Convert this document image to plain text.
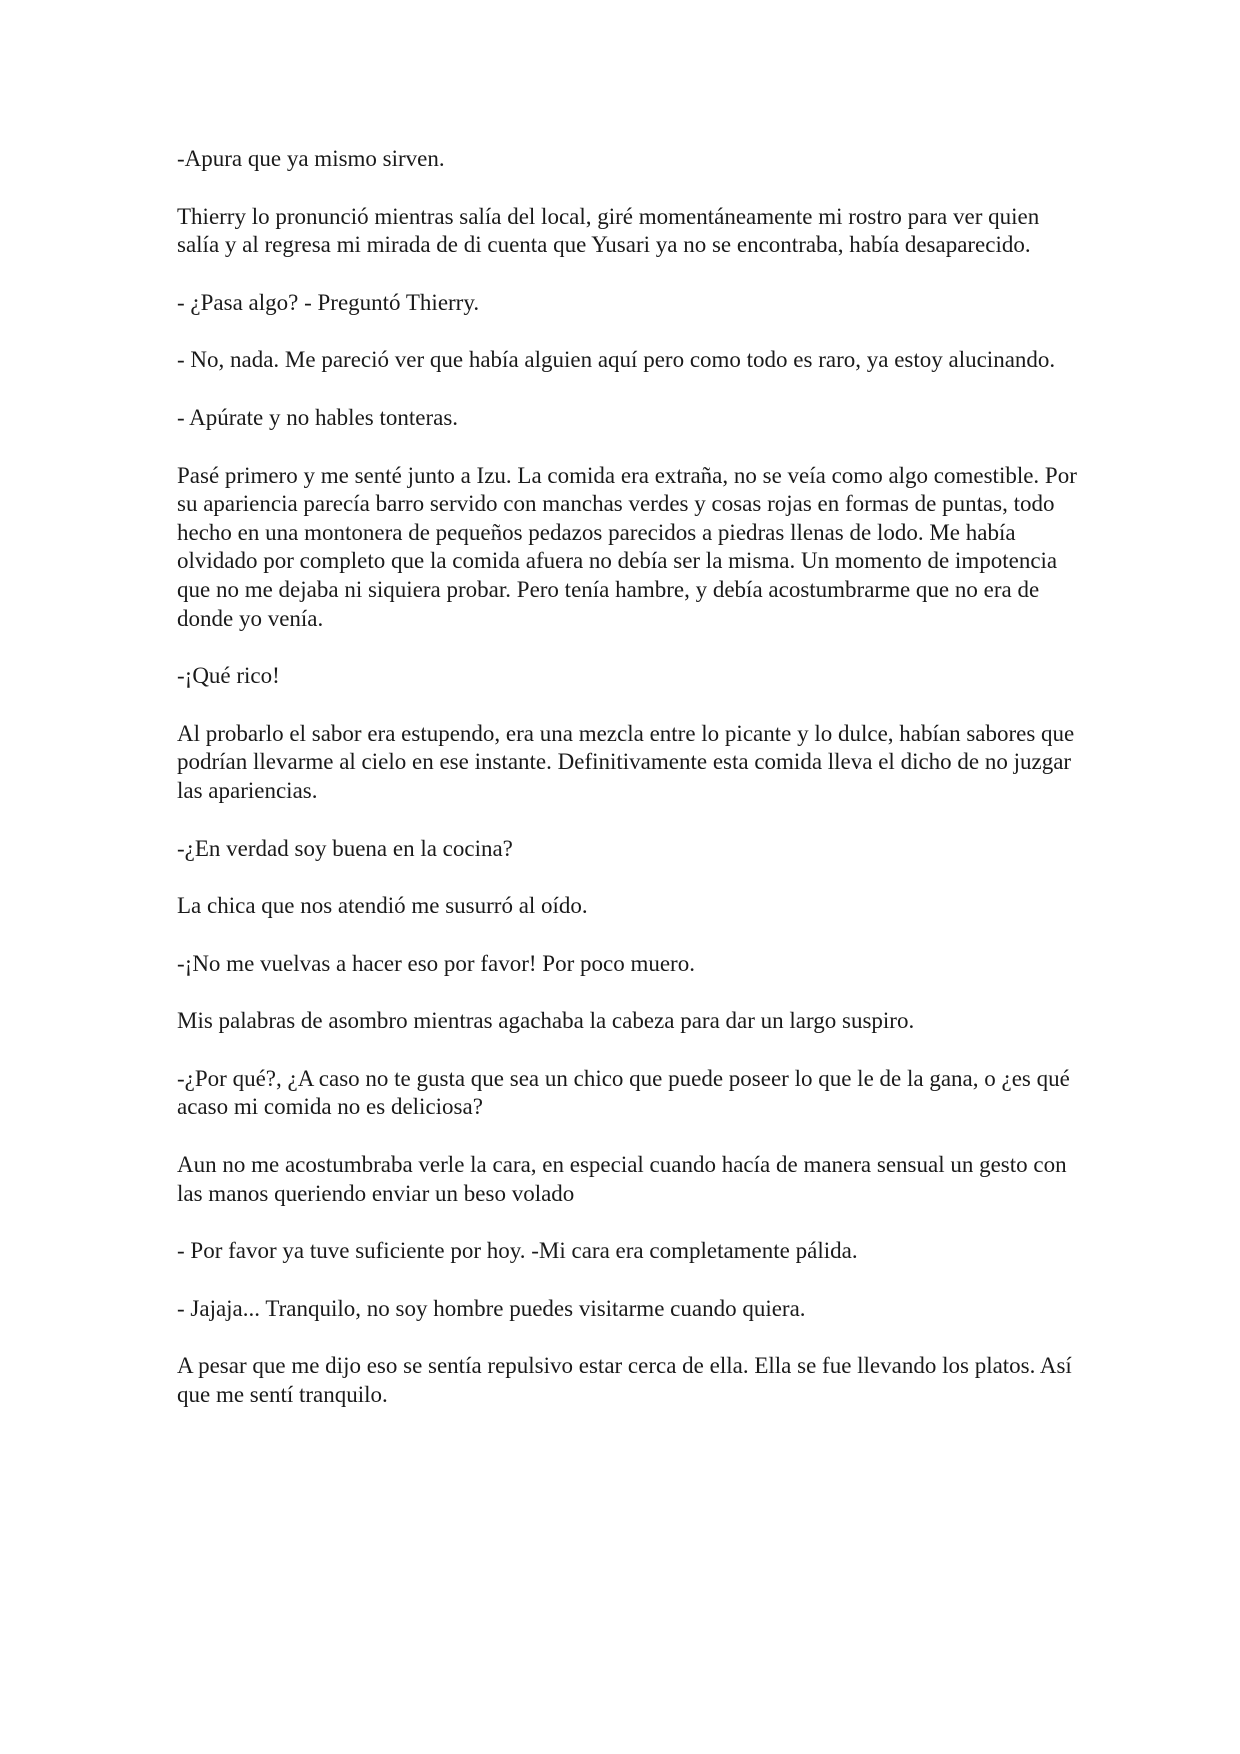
-Apura que ya mismo sirven.

Thierry lo pronunció mientras salía del local, giré momentáneamente mi rostro para ver quien salía y al regresa mi mirada de di cuenta que Yusari ya no se encontraba, había desaparecido.

- ¿Pasa algo? - Preguntó Thierry.

- No, nada. Me pareció ver que había alguien aquí pero como todo es raro, ya estoy alucinando.

- Apúrate y no hables tonteras.

Pasé primero y me senté junto a Izu. La comida era extraña, no se veía como algo comestible. Por su apariencia parecía barro servido con manchas verdes y cosas rojas en formas de puntas, todo hecho en una montonera de pequeños pedazos parecidos a piedras llenas de lodo. Me había olvidado por completo que la comida afuera no debía ser la misma. Un momento de impotencia que no me dejaba ni siquiera probar. Pero tenía hambre, y debía acostumbrarme que no era de donde yo venía.

-¡Qué rico!

Al probarlo el sabor era estupendo, era una mezcla entre lo picante y lo dulce, habían sabores que podrían llevarme al cielo en ese instante. Definitivamente esta comida lleva el dicho de no juzgar las apariencias.

-¿En verdad soy buena en la cocina?

La chica que nos atendió me susurró al oído.

-¡No me vuelvas a hacer eso por favor! Por poco muero.

Mis palabras de asombro mientras agachaba la cabeza para dar un largo suspiro.

-¿Por qué?, ¿A caso no te gusta que sea un chico que puede poseer lo que le de la gana, o ¿es qué acaso mi comida no es deliciosa?

Aun no me acostumbraba verle la cara, en especial cuando hacía de manera sensual un gesto con las manos queriendo enviar un beso volado

- Por favor ya tuve suficiente por hoy. -Mi cara era completamente pálida.

- Jajaja... Tranquilo, no soy hombre puedes visitarme cuando quiera.

A pesar que me dijo eso se sentía repulsivo estar cerca de ella. Ella se fue llevando los platos. Así que me sentí tranquilo.
